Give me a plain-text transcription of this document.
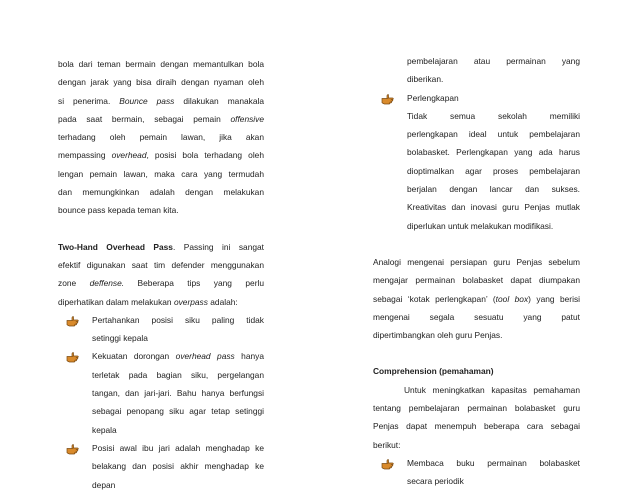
bola dari teman bermain dengan memantulkan bola
dengan jarak yang bisa diraih dengan nyaman oleh
si penerima. Bounce pass dilakukan manakala
pada saat bermain, sebagai pemain offensive
terhadang oleh pemain lawan, jika akan
mempassing overhead, posisi bola terhadang oleh
lengan pemain lawan, maka cara yang termudah
dan memungkinkan adalah dengan melakukan
bounce pass kepada teman kita.
Two-Hand Overhead Pass. Passing ini sangat
efektif digunakan saat tim defender menggunakan
zone deffense. Beberapa tips yang perlu
diperhatikan dalam melakukan overpass adalah:
Pertahankan posisi siku paling tidak
setinggi kepala
Kekuatan dorongan overhead pass hanya
terletak pada bagian siku, pergelangan
tangan, dan jari-jari. Bahu hanya berfungsi
sebagai penopang siku agar tetap setinggi
kepala
Posisi awal ibu jari adalah menghadap ke
belakang dan posisi akhir menghadap ke
depan
pembelajaran atau permainan yang
diberikan.
Perlengkapan
Tidak semua sekolah memiliki
perlengkapan ideal untuk pembelajaran
bolabasket. Perlengkapan yang ada harus
dioptimalkan agar proses pembelajaran
berjalan dengan lancar dan sukses.
Kreativitas dan inovasi guru Penjas mutlak
diperlukan untuk melakukan modifikasi.
Analogi mengenai persiapan guru Penjas sebelum
mengajar permainan bolabasket dapat diumpakan
sebagai ‘kotak perlengkapan’ (tool box) yang berisi
mengenai segala sesuatu yang patut
dipertimbangkan oleh guru Penjas.
Comprehension (pemahaman)
Untuk meningkatkan kapasitas pemahaman
tentang pembelajaran permainan bolabasket guru
Penjas dapat menempuh beberapa cara sebagai
berikut:
Membaca buku permainan bolabasket
secara periodik
